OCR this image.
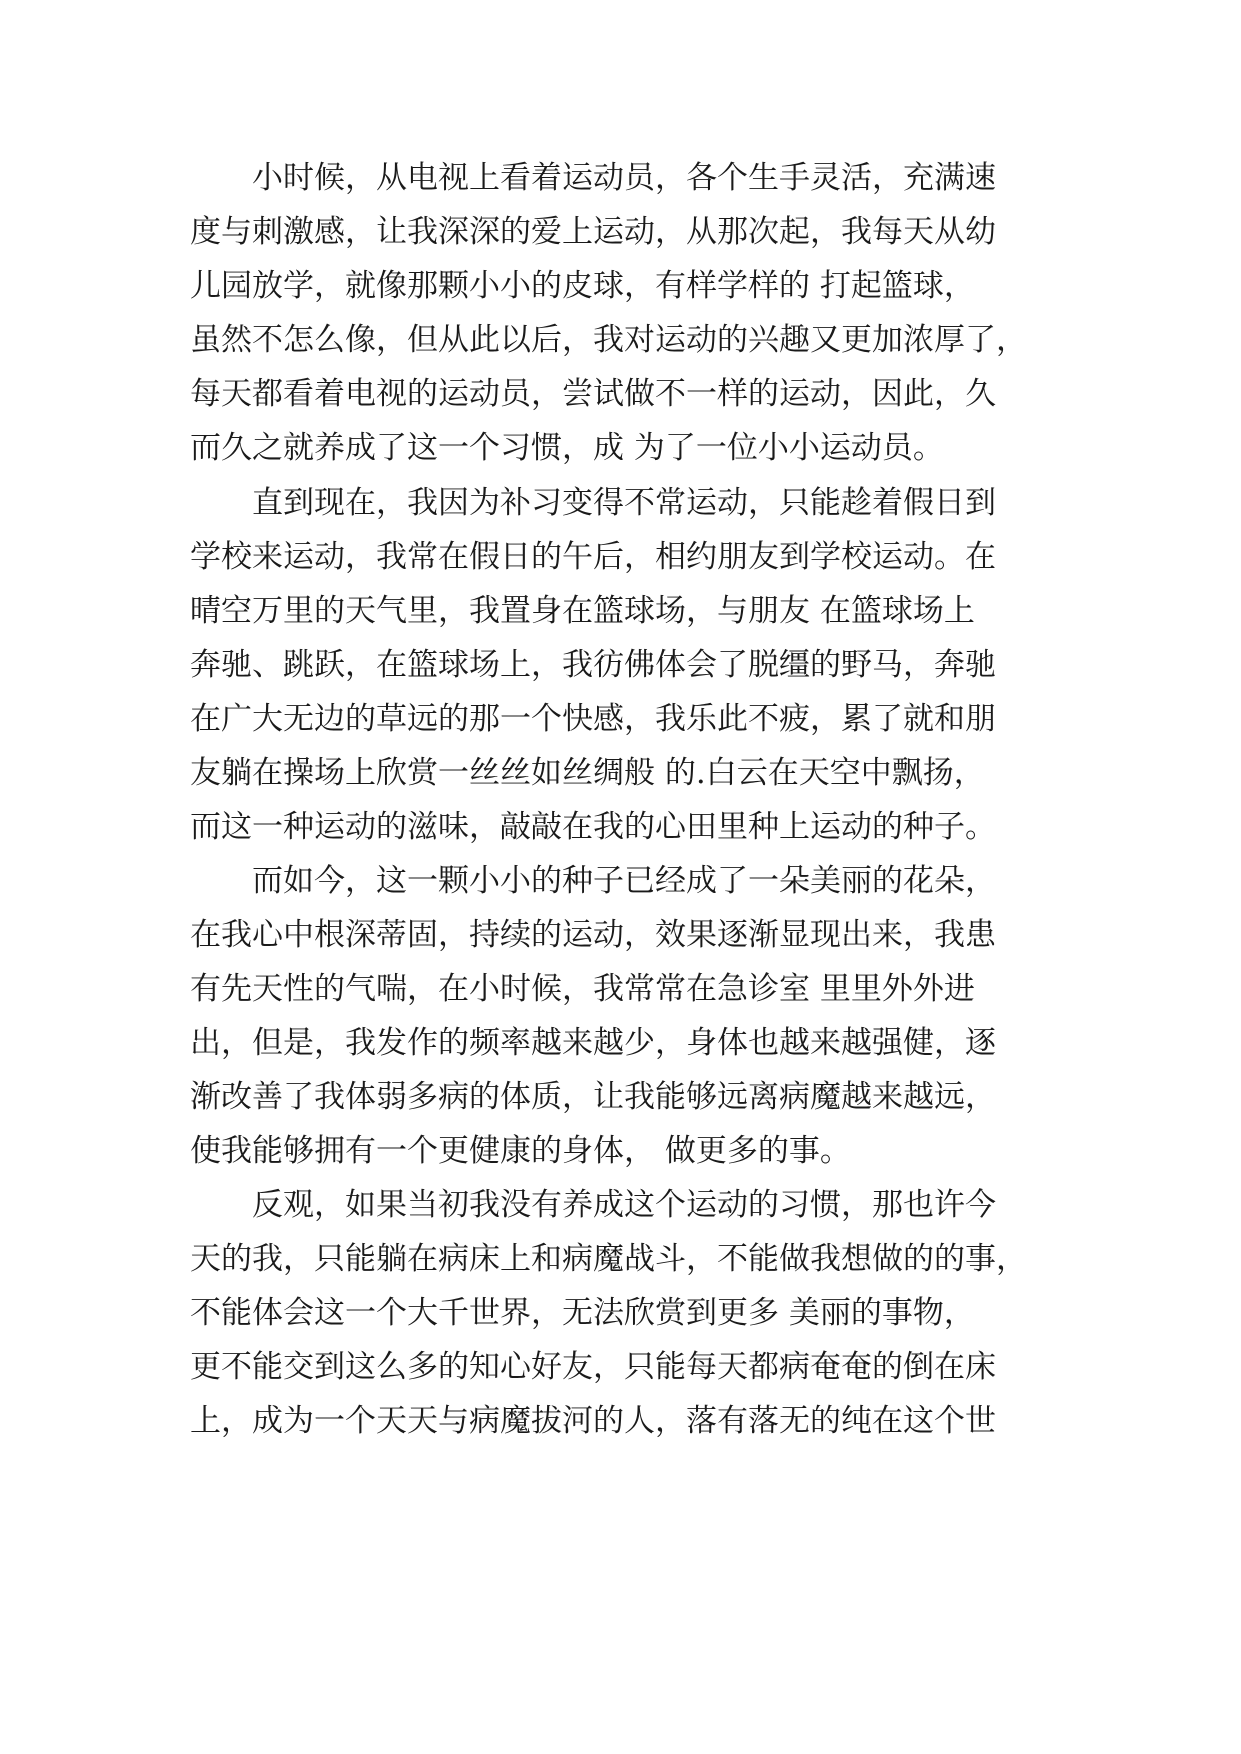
小时候，从电视上看着运动员，各个生手灵活，充满速
度与刺激感，让我深深的爱上运动，从那次起，我每天从幼
儿园放学，就像那颗小小的皮球，有样学样的 打起篮球，
虽然不怎么像，但从此以后，我对运动的兴趣又更加浓厚了，
每天都看着电视的运动员，尝试做不一样的运动，因此，久
而久之就养成了这一个习惯，成 为了一位小小运动员。
直到现在，我因为补习变得不常运动，只能趁着假日到
学校来运动，我常在假日的午后，相约朋友到学校运动。在
晴空万里的天气里，我置身在篮球场，与朋友 在篮球场上
奔驰、跳跃，在篮球场上，我彷佛体会了脱缰的野马，奔驰
在广大无边的草远的那一个快感，我乐此不疲，累了就和朋
友躺在操场上欣赏一丝丝如丝绸般 的.白云在天空中飘扬，
而这一种运动的滋味，敲敲在我的心田里种上运动的种子。
而如今，这一颗小小的种子已经成了一朵美丽的花朵，
在我心中根深蒂固，持续的运动，效果逐渐显现出来，我患
有先天性的气喘，在小时候，我常常在急诊室 里里外外进
出，但是，我发作的频率越来越少，身体也越来越强健，逐
渐改善了我体弱多病的体质，让我能够远离病魔越来越远，
使我能够拥有一个更健康的身体， 做更多的事。
反观，如果当初我没有养成这个运动的习惯，那也许今
天的我，只能躺在病床上和病魔战斗，不能做我想做的的事，
不能体会这一个大千世界，无法欣赏到更多 美丽的事物，
更不能交到这么多的知心好友，只能每天都病奄奄的倒在床
上，成为一个天天与病魔拔河的人，落有落无的纯在这个世
